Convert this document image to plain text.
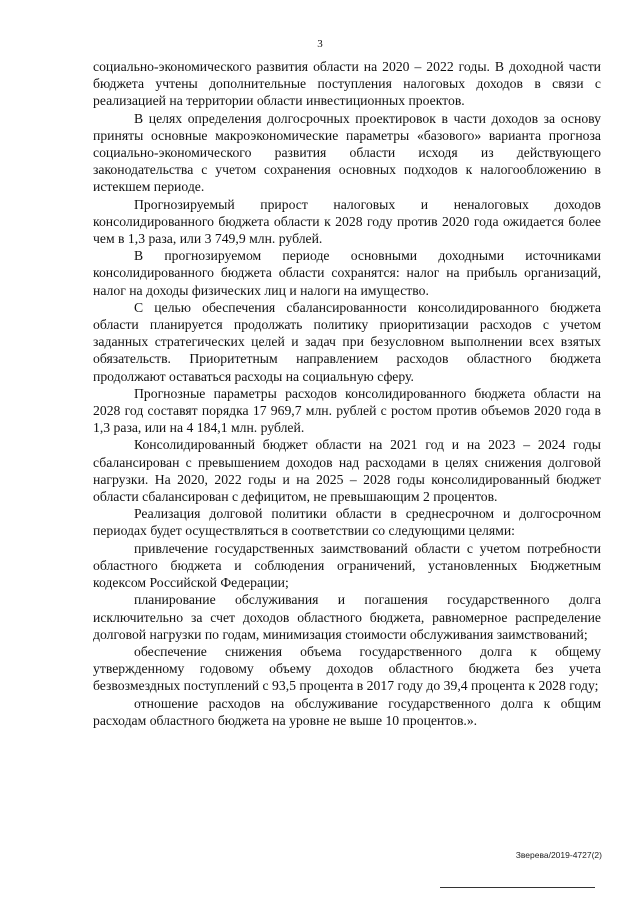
3

социально-экономического развития области на 2020 – 2022 годы. В доходной части бюджета учтены дополнительные поступления налоговых доходов в связи с реализацией на территории области инвестиционных проектов.

В целях определения долгосрочных проектировок в части доходов за основу приняты основные макроэкономические параметры «базового» варианта прогноза социально-экономического развития области исходя из действующего законодательства с учетом сохранения основных подходов к налогообложению в истекшем периоде.

Прогнозируемый прирост налоговых и неналоговых доходов консолидированного бюджета области к 2028 году против 2020 года ожидается более чем в 1,3 раза, или 3 749,9 млн. рублей.

В прогнозируемом периоде основными доходными источниками консолидированного бюджета области сохранятся: налог на прибыль организаций, налог на доходы физических лиц и налоги на имущество.

С целью обеспечения сбалансированности консолидированного бюджета области планируется продолжать политику приоритизации расходов с учетом заданных стратегических целей и задач при безусловном выполнении всех взятых обязательств. Приоритетным направлением расходов областного бюджета продолжают оставаться расходы на социальную сферу.

Прогнозные параметры расходов консолидированного бюджета области на 2028 год составят порядка 17 969,7 млн. рублей с ростом против объемов 2020 года в 1,3 раза, или на 4 184,1 млн. рублей.

Консолидированный бюджет области на 2021 год и на 2023 – 2024 годы сбалансирован с превышением доходов над расходами в целях снижения долговой нагрузки. На 2020, 2022 годы и на 2025 – 2028 годы консолидированный бюджет области сбалансирован с дефицитом, не превышающим 2 процентов.

Реализация долговой политики области в среднесрочном и долгосрочном периодах будет осуществляться в соответствии со следующими целями:

привлечение государственных заимствований области с учетом потребности областного бюджета и соблюдения ограничений, установленных Бюджетным кодексом Российской Федерации;

планирование обслуживания и погашения государственного долга исключительно за счет доходов областного бюджета, равномерное распределение долговой нагрузки по годам, минимизация стоимости обслуживания заимствований;

обеспечение снижения объема государственного долга к общему утвержденному годовому объему доходов областного бюджета без учета безвозмездных поступлений с 93,5 процента в 2017 году до 39,4 процента к 2028 году;

отношение расходов на обслуживание государственного долга к общим расходам областного бюджета на уровне не выше 10 процентов.».

Зверева/2019-4727(2)
